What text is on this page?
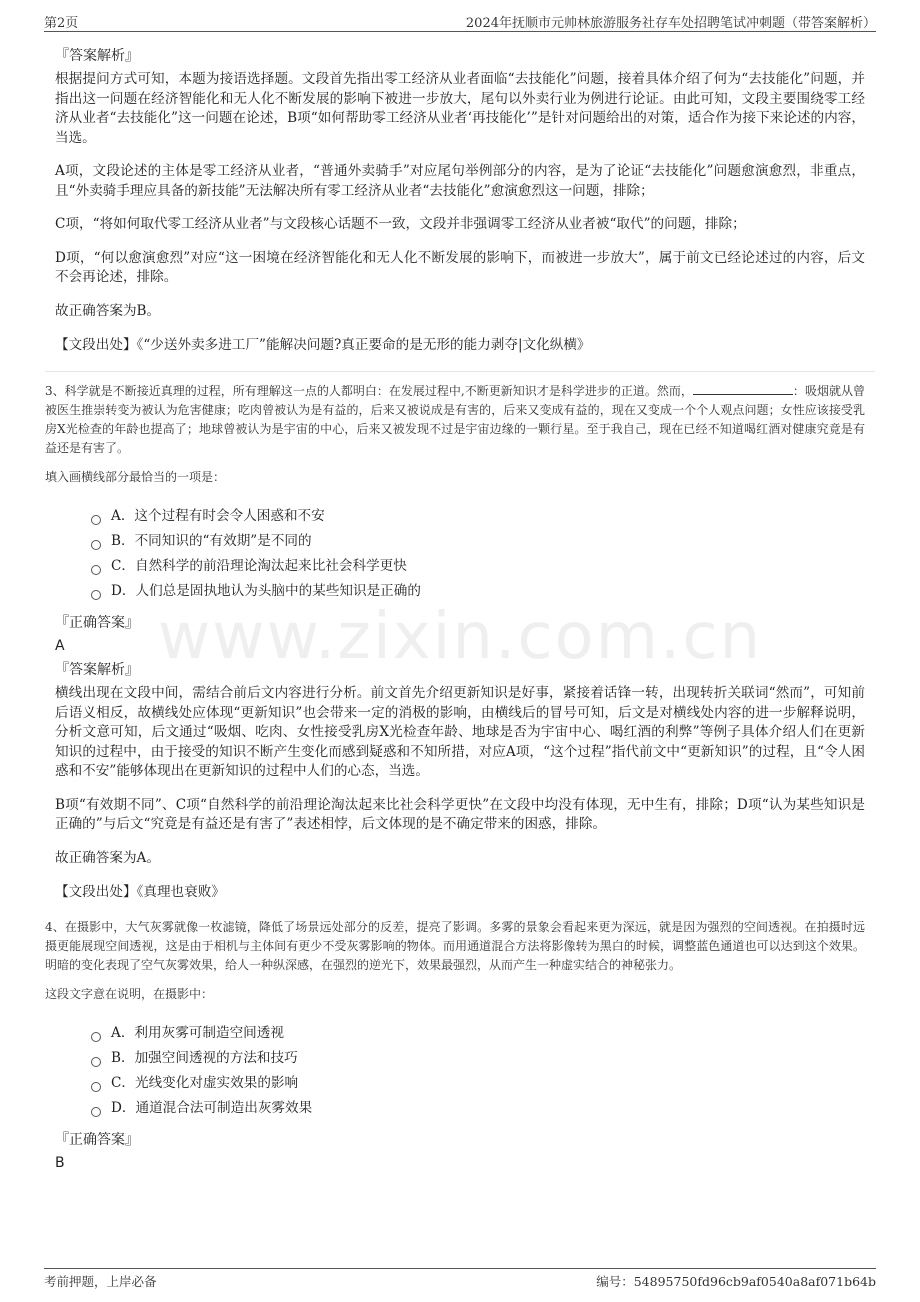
第2页	2024年抚顺市元帅林旅游服务社存车处招聘笔试冲刺题（带答案解析）
www.zixin.com.cn
『答案解析』

根据提问方式可知，本题为接语选择题。文段首先指出零工经济从业者面临“去技能化”问题，接着具体介绍了何为“去技能化”问题，并指出这一问题在经济智能化和无人化不断发展的影响下被进一步放大，尾句以外卖行业为例进行论证。由此可知，文段主要围绕零工经济从业者“去技能化”这一问题在论述，B项“如何帮助零工经济从业者‘再技能化’”是针对问题给出的对策，适合作为接下来论述的内容，当选。

A项，文段论述的主体是零工经济从业者，“普通外卖骑手”对应尾句举例部分的内容，是为了论证“去技能化”问题愈演愈烈，非重点，且“外卖骑手理应具备的新技能”无法解决所有零工经济从业者“去技能化”愈演愈烈这一问题，排除；

C项，“将如何取代零工经济从业者”与文段核心话题不一致，文段并非强调零工经济从业者被“取代”的问题，排除；

D项，“何以愈演愈烈”对应“这一困境在经济智能化和无人化不断发展的影响下，而被进一步放大”，属于前文已经论述过的内容，后文不会再论述，排除。

故正确答案为B。

【文段出处】《“少送外卖多进工厂”能解决问题?真正要命的是无形的能力剥夺|文化纵横》

3、科学就是不断接近真理的过程，所有理解这一点的人都明白：在发展过程中,不断更新知识才是科学进步的正道。然而，	：吸烟就从曾被医生推崇转变为被认为危害健康；吃肉曾被认为是有益的，后来又被说成是有害的，后来又变成有益的，现在又变成一个个人观点问题；女性应该接受乳房X光检查的年龄也提高了；地球曾被认为是宇宙的中心，后来又被发现不过是宇宙边缘的一颗行星。至于我自己，现在已经不知道喝红酒对健康究竟是有益还是有害了。

填入画横线部分最恰当的一项是：

A．这个过程有时会令人困惑和不安
B．不同知识的“有效期”是不同的
C．自然科学的前沿理论淘汰起来比社会科学更快
D．人们总是固执地认为头脑中的某些知识是正确的
『正确答案』
A
『答案解析』

横线出现在文段中间，需结合前后文内容进行分析。前文首先介绍更新知识是好事，紧接着话锋一转，出现转折关联词“然而”，可知前后语义相反，故横线处应体现“更新知识”也会带来一定的消极的影响，由横线后的冒号可知，后文是对横线处内容的进一步解释说明，分析文意可知，后文通过“吸烟、吃肉、女性接受乳房X光检查年龄、地球是否为宇宙中心、喝红酒的利弊”等例子具体介绍人们在更新知识的过程中，由于接受的知识不断产生变化而感到疑惑和不知所措，对应A项，“这个过程”指代前文中“更新知识”的过程，且“令人困惑和不安”能够体现出在更新知识的过程中人们的心态，当选。

B项“有效期不同”、C项“自然科学的前沿理论淘汰起来比社会科学更快”在文段中均没有体现，无中生有，排除；D项“认为某些知识是正确的”与后文“究竟是有益还是有害了”表述相悖，后文体现的是不确定带来的困惑，排除。

故正确答案为A。

【文段出处】《真理也衰败》

4、在摄影中，大气灰雾就像一枚滤镜，降低了场景远处部分的反差，提亮了影调。多雾的景象会看起来更为深远，就是因为强烈的空间透视。在拍摄时远摄更能展现空间透视，这是由于相机与主体间有更少不受灰雾影响的物体。而用通道混合方法将影像转为黑白的时候，调整蓝色通道也可以达到这个效果。明暗的变化表现了空气灰雾效果，给人一种纵深感，在强烈的逆光下，效果最强烈，从而产生一种虚实结合的神秘张力。

这段文字意在说明，在摄影中：

A．利用灰雾可制造空间透视
B．加强空间透视的方法和技巧
C．光线变化对虚实效果的影响
D．通道混合法可制造出灰雾效果
『正确答案』
B
考前押题，上岸必备	编号：54895750fd96cb9af0540a8af071b64b
